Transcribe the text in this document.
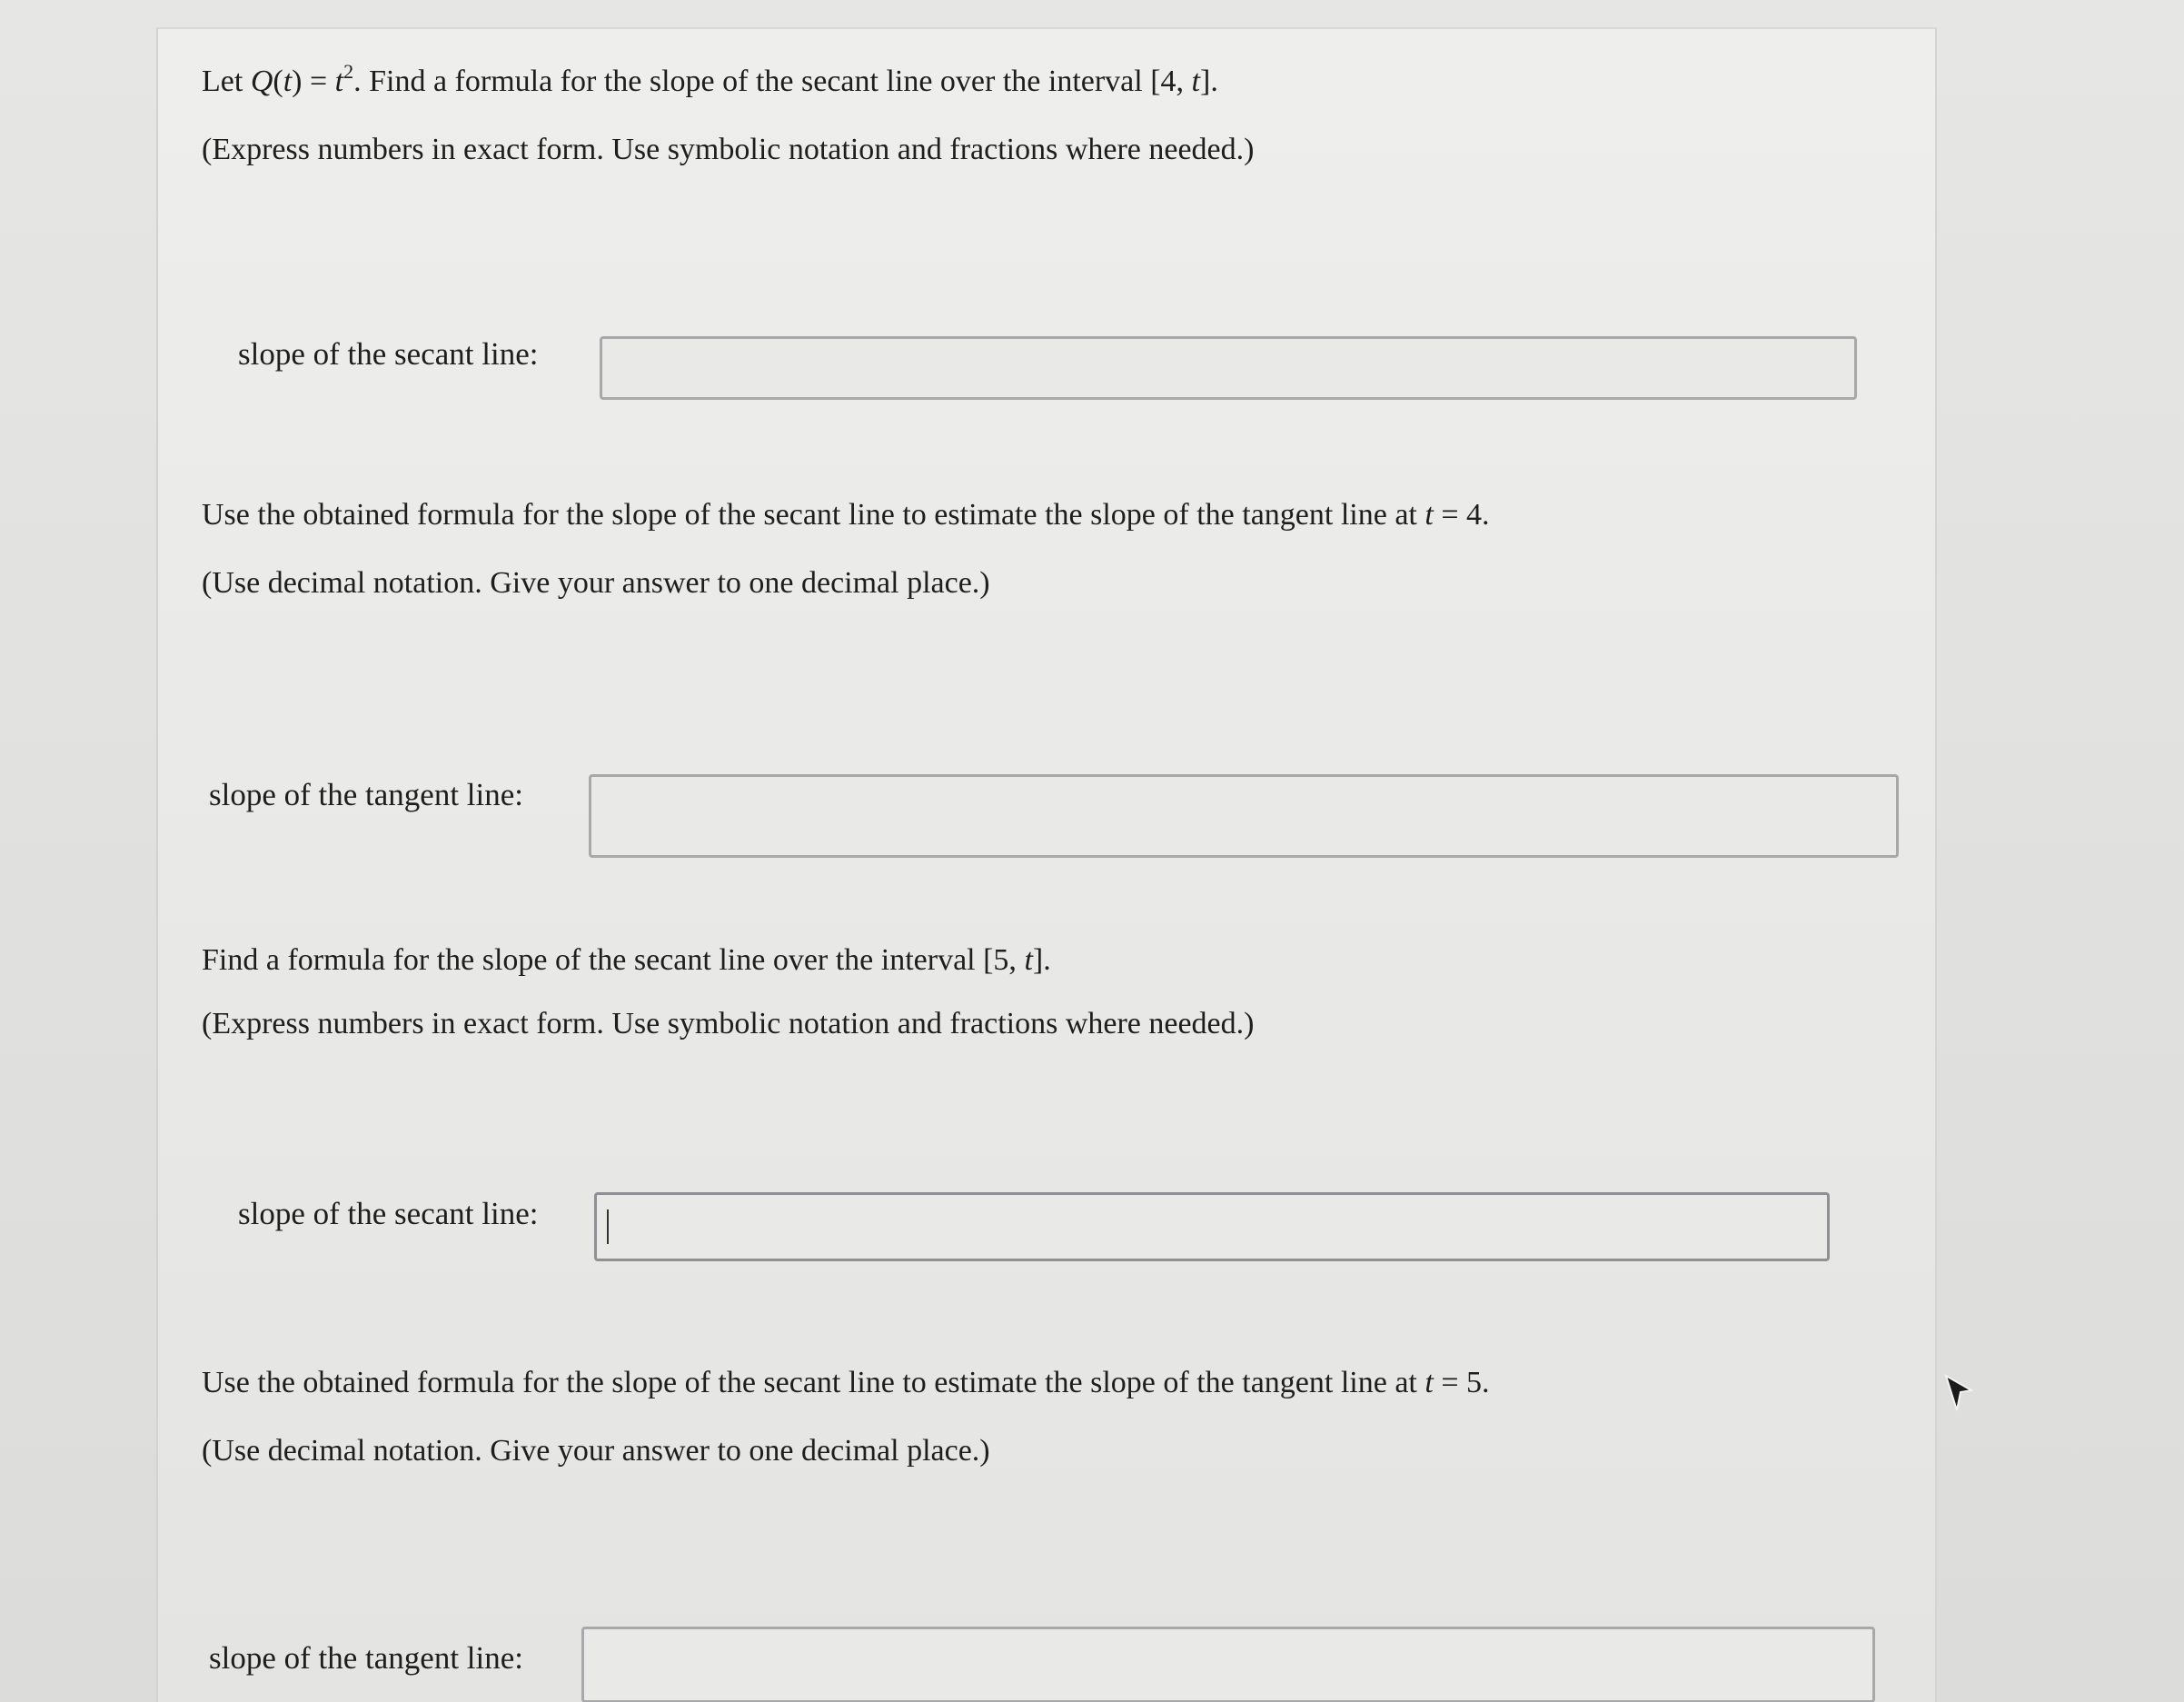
Let $Q(t) = t^2$. Find a formula for the slope of the secant line over the interval [4, t].
(Express numbers in exact form. Use symbolic notation and fractions where needed.)
slope of the secant line:
Use the obtained formula for the slope of the secant line to estimate the slope of the tangent line at t = 4.
(Use decimal notation. Give your answer to one decimal place.)
slope of the tangent line:
Find a formula for the slope of the secant line over the interval [5, t].
(Express numbers in exact form. Use symbolic notation and fractions where needed.)
slope of the secant line:
Use the obtained formula for the slope of the secant line to estimate the slope of the tangent line at t = 5.
(Use decimal notation. Give your answer to one decimal place.)
slope of the tangent line:
